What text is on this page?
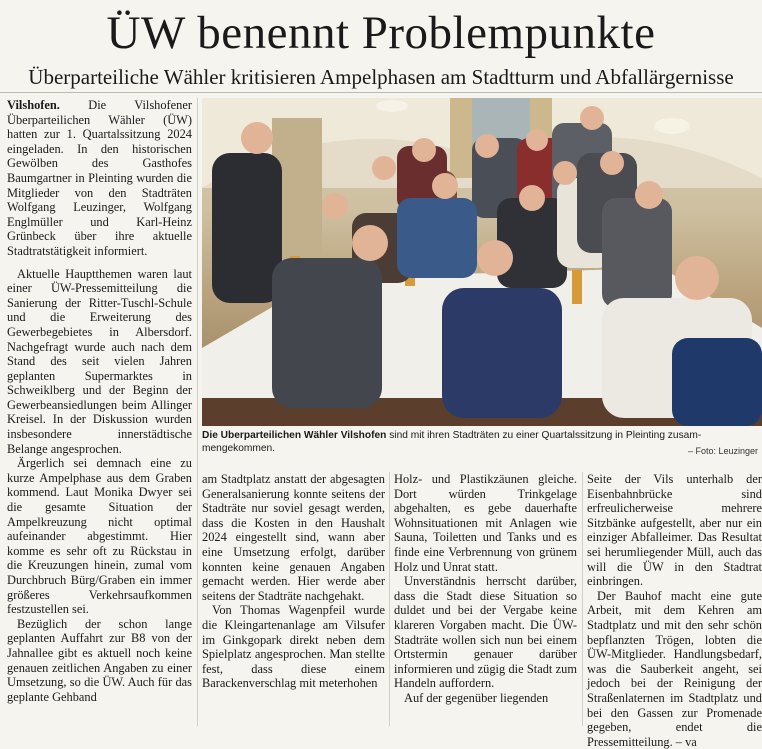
ÜW benennt Problempunkte
Überparteiliche Wähler kritisieren Ampelphasen am Stadtturm und Abfallärgernisse

Vilshofen. Die Vilshofener Überparteilichen Wähler (ÜW) hatten zur 1. Quartalssitzung 2024 eingeladen. In den historischen Gewölben des Gasthofes Baumgartner in Pleinting wurden die Mitglieder von den Stadträten Wolfgang Leuzinger, Wolfgang Englmüller und Karl-Heinz Grünbeck über ihre aktuelle Stadtratstätigkeit informiert.

Aktuelle Hauptthemen waren laut einer ÜW-Pressemitteilung die Sanierung der Ritter-Tuschl-Schule und die Erweiterung des Gewerbegebietes in Albersdorf. Nachgefragt wurde auch nach dem Stand des seit vielen Jahren geplanten Supermarktes in Schweiklberg und der Beginn der Gewerbeansiedlungen beim Allinger Kreisel. In der Diskussion wurden insbesondere innerstädtische Belange angesprochen.

Ärgerlich sei demnach eine zu kurze Ampelphase aus dem Graben kommend. Laut Monika Dwyer sei die gesamte Situation der Ampelkreuzung nicht optimal aufeinander abgestimmt. Hier komme es sehr oft zu Rückstau in die Kreuzungen hinein, zumal vom Durchbruch Bürg/Graben ein immer größeres Verkehrsaufkommen festzustellen sei.

Bezüglich der schon lange geplanten Auffahrt zur B8 von der Jahnallee gibt es aktuell noch keine genauen zeitlichen Angaben zu einer Umsetzung, so die ÜW. Auch für das geplante Gehband

Die Überparteilichen Wähler Vilshofen sind mit ihren Stadträten zu einer Quartalssitzung in Pleinting zusam-
mengekommen.	– Foto: Leuzinger

am Stadtplatz anstatt der abgesagten Generalsanierung konnte seitens der Stadträte nur soviel gesagt werden, dass die Kosten in den Haushalt 2024 eingestellt sind, wann aber eine Umsetzung erfolgt, darüber konnten keine genauen Angaben gemacht werden. Hier werde aber seitens der Stadträte nachgehakt.

Von Thomas Wagenpfeil wurde die Kleingartenanlage am Vilsufer im Ginkgopark direkt neben dem Spielplatz angesprochen. Man stellte fest, dass diese einem Barackenverschlag mit meterhohen

Holz- und Plastikzäunen gleiche. Dort würden Trinkgelage abgehalten, es gebe dauerhafte Wohnsituationen mit Anlagen wie Sauna, Toiletten und Tanks und es finde eine Verbrennung von grünem Holz und Unrat statt.

Unverständnis herrscht darüber, dass die Stadt diese Situation so duldet und bei der Vergabe keine klareren Vorgaben macht. Die ÜW-Stadträte wollen sich nun bei einem Ortstermin genauer darüber informieren und zügig die Stadt zum Handeln auffordern.

Auf der gegenüber liegenden

Seite der Vils unterhalb der Eisenbahnbrücke sind erfreulicherweise mehrere Sitzbänke aufgestellt, aber nur ein einziger Abfalleimer. Das Resultat sei herumliegender Müll, auch das will die ÜW in den Stadtrat einbringen.

Der Bauhof macht eine gute Arbeit, mit dem Kehren am Stadtplatz und mit den sehr schön bepflanzten Trögen, lobten die ÜW-Mitglieder. Handlungsbedarf, was die Sauberkeit angeht, sei jedoch bei der Reinigung der Straßenlaternen im Stadtplatz und bei den Gassen zur Promenade gegeben, endet die Pressemitteilung. – va
